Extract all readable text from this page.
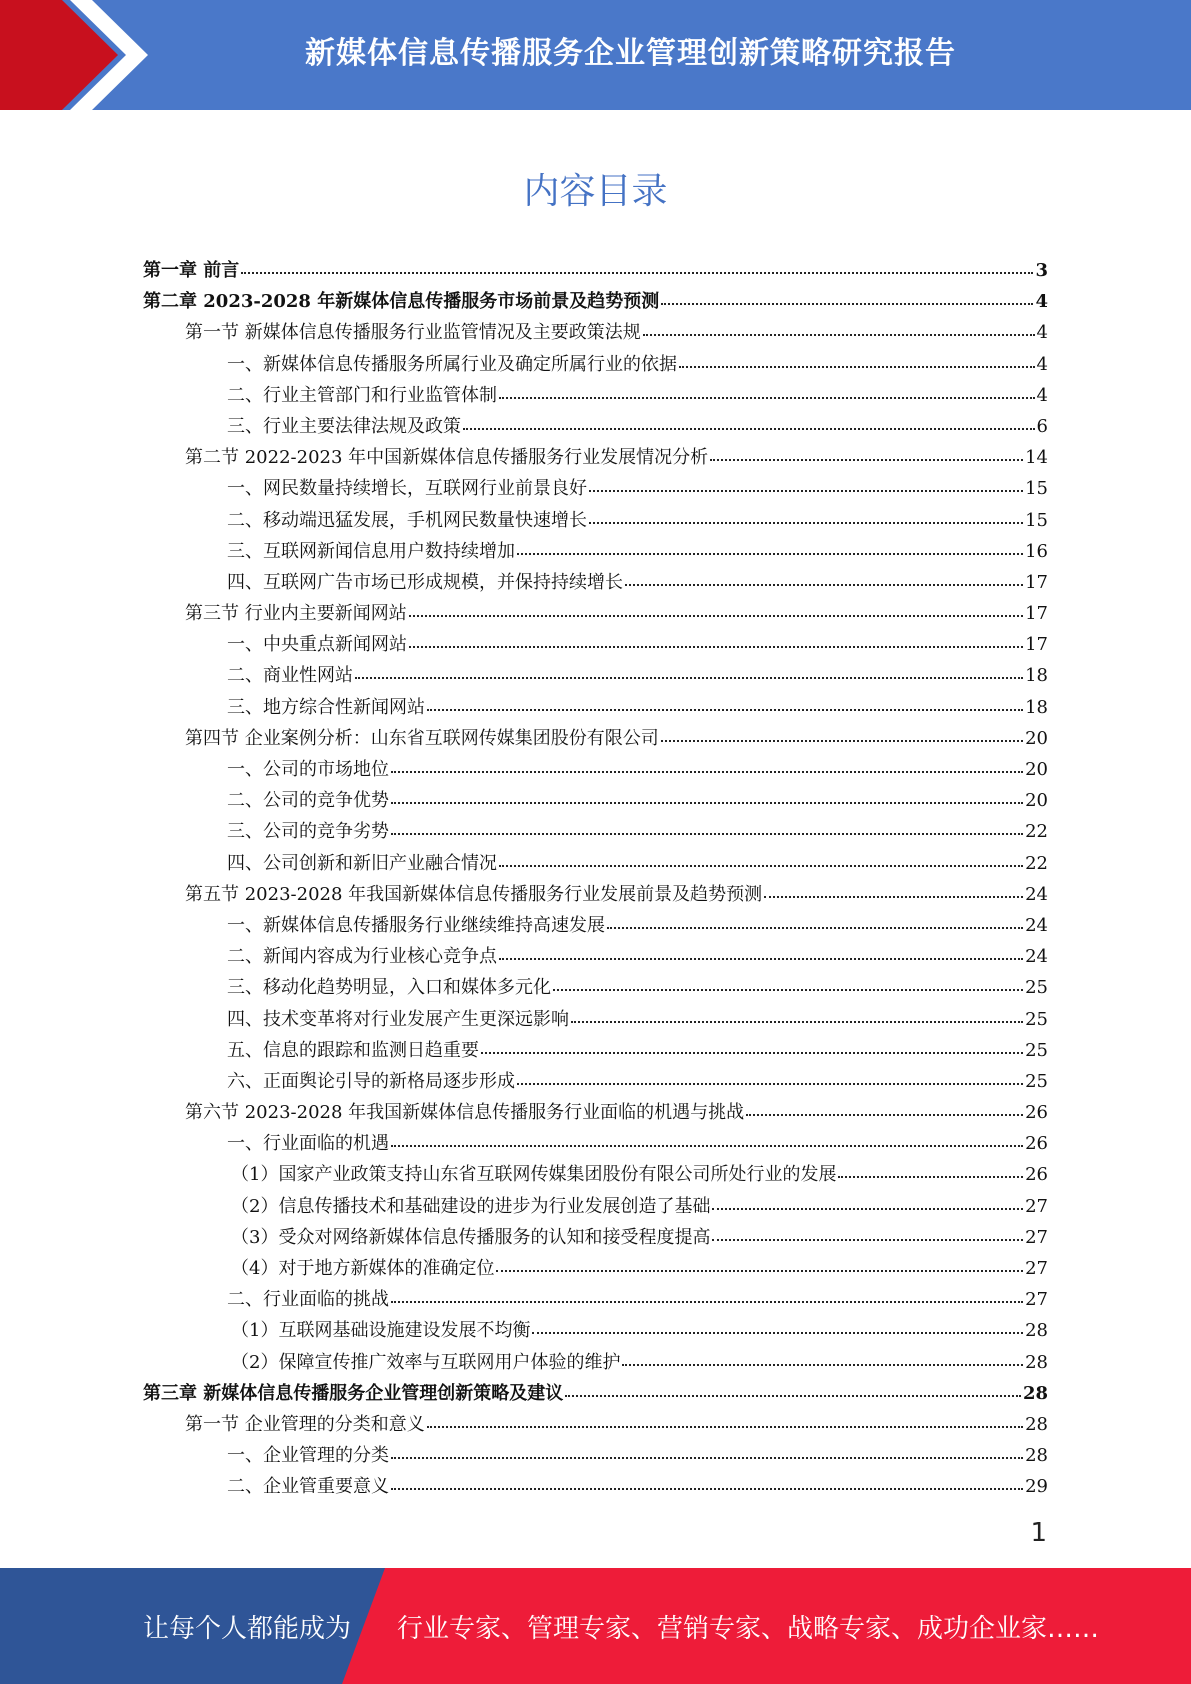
新媒体信息传播服务企业管理创新策略研究报告
内容目录
第一章 前言	3
第二章 2023-2028 年新媒体信息传播服务市场前景及趋势预测	4
第一节 新媒体信息传播服务行业监管情况及主要政策法规	4
一、新媒体信息传播服务所属行业及确定所属行业的依据	4
二、行业主管部门和行业监管体制	4
三、行业主要法律法规及政策	6
第二节 2022-2023 年中国新媒体信息传播服务行业发展情况分析	14
一、网民数量持续增长，互联网行业前景良好	15
二、移动端迅猛发展，手机网民数量快速增长	15
三、互联网新闻信息用户数持续增加	16
四、互联网广告市场已形成规模，并保持持续增长	17
第三节 行业内主要新闻网站	17
一、中央重点新闻网站	17
二、商业性网站	18
三、地方综合性新闻网站	18
第四节 企业案例分析：山东省互联网传媒集团股份有限公司	20
一、公司的市场地位	20
二、公司的竞争优势	20
三、公司的竞争劣势	22
四、公司创新和新旧产业融合情况	22
第五节 2023-2028 年我国新媒体信息传播服务行业发展前景及趋势预测	24
一、新媒体信息传播服务行业继续维持高速发展	24
二、新闻内容成为行业核心竞争点	24
三、移动化趋势明显，入口和媒体多元化	25
四、技术变革将对行业发展产生更深远影响	25
五、信息的跟踪和监测日趋重要	25
六、正面舆论引导的新格局逐步形成	25
第六节 2023-2028 年我国新媒体信息传播服务行业面临的机遇与挑战	26
一、行业面临的机遇	26
（1）国家产业政策支持山东省互联网传媒集团股份有限公司所处行业的发展	26
（2）信息传播技术和基础建设的进步为行业发展创造了基础	27
（3）受众对网络新媒体信息传播服务的认知和接受程度提高	27
（4）对于地方新媒体的准确定位	27
二、行业面临的挑战	27
（1）互联网基础设施建设发展不均衡	28
（2）保障宣传推广效率与互联网用户体验的维护	28
第三章 新媒体信息传播服务企业管理创新策略及建议	28
第一节 企业管理的分类和意义	28
一、企业管理的分类	28
二、企业管重要意义	29
1
让每个人都能成为 行业专家、管理专家、营销专家、战略专家、成功企业家……
